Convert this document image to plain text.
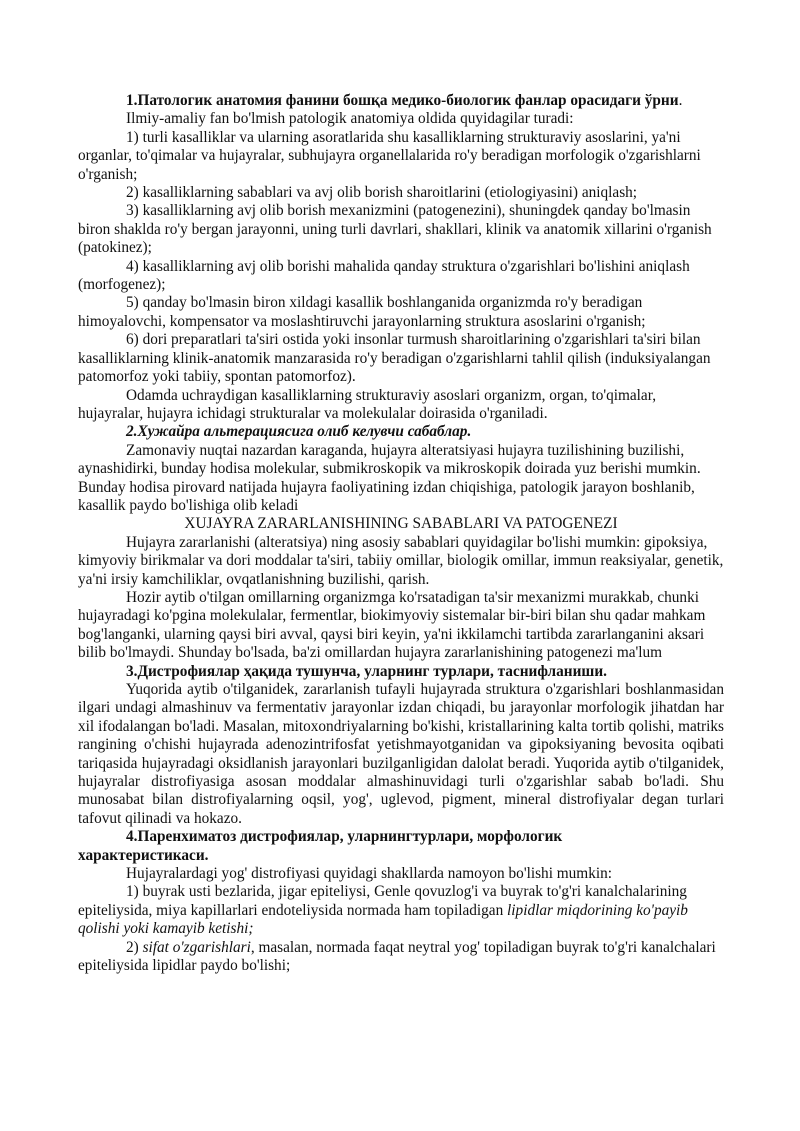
1.Патологик анатомия фанини бошқа медико-биологик фанлар орасидаги ўрни.

Ilmiy-amaliy fan bo'lmish patologik anatomiya oldida quyidagilar turadi:

1) turli kasalliklar va ularning asoratlarida shu kasalliklarning strukturaviy asoslarini, ya'ni organlar, to'qimalar va hujayralar, subhujayra organellalarida ro'y beradigan morfologik o'zgarishlarni o'rganish;

2) kasalliklarning sabablari va avj olib borish sharoitlarini (etiologiyasini) aniqlash;

3) kasalliklarning avj olib borish mexanizmini (patogenezini), shuningdek qanday bo'lmasin biron shaklda ro'y bergan jarayonni, uning turli davrlari, shakllari, klinik va anatomik xillarini o'rganish (patokinez);

4) kasalliklarning avj olib borishi mahalida qanday struktura o'zgarishlari bo'lishini aniqlash (morfogenez);

5) qanday bo'lmasin biron xildagi kasallik boshlanganida organizmda ro'y beradigan himoyalovchi, kompensator va moslashtiruvchi jarayonlarning struktura asoslarini o'rganish;

6) dori preparatlari ta'siri ostida yoki insonlar turmush sharoitlarining o'zgarishlari ta'siri bilan kasalliklarning klinik-anatomik manzarasida ro'y beradigan o'zgarishlarni tahlil qilish (induksiyalangan patomorfoz yoki tabiiy, spontan patomorfoz).

Odamda uchraydigan kasalliklarning strukturaviy asoslari organizm, organ, to'qimalar, hujayralar, hujayra ichidagi strukturalar va molekulalar doirasida o'rganiladi.

2.Хужайра альтерациясига олиб келувчи сабаблар.

Zamonaviy nuqtai nazardan karaganda, hujayra alteratsiyasi hujayra tuzilishining buzilishi, aynashidirki, bunday hodisa molekular, submikroskopik va mikroskopik doirada yuz berishi mumkin. Bunday hodisa pirovard natijada hujayra faoliyatining izdan chiqishiga, patologik jarayon boshlanib, kasallik paydo bo'lishiga olib keladi

XUJAYRA ZARARLANISHINING SABABLARI VA PATOGENEZI

Hujayra zararlanishi (alteratsiya) ning asosiy sabablari quyidagilar bo'lishi mumkin: gipoksiya, kimyoviy birikmalar va dori moddalar ta'siri, tabiiy omillar, biologik omillar, immun reaksiyalar, genetik, ya'ni irsiy kamchiliklar, ovqatlanishning buzilishi, qarish.

Hozir aytib o'tilgan omillarning organizmga ko'rsatadigan ta'sir mexanizmi murakkab, chunki hujayradagi ko'pgina molekulalar, fermentlar, biokimyoviy sistemalar bir-biri bilan shu qadar mahkam bog'langanki, ularning qaysi biri avval, qaysi biri keyin, ya'ni ikkilamchi tartibda zararlanganini aksari bilib bo'lmaydi. Shunday bo'lsada, ba'zi omillardan hujayra zararlanishining patogenezi ma'lum

3.Дистрофиялар ҳақида тушунча, уларнинг турлари, таснифланиши.

Yuqorida aytib o'tilganidek, zararlanish tufayli hujayrada struktura o'zgarishlari boshlanmasidan ilgari undagi almashinuv va fermentativ jarayonlar izdan chiqadi, bu jarayonlar morfologik jihatdan har xil ifodalangan bo'ladi. Masalan, mitoxondriyalarning bo'kishi, kristallarining kalta tortib qolishi, matriks rangining o'chishi hujayrada adenozintrifosfat yetishmayotganidan va gipoksiyaning bevosita oqibati tariqasida hujayradagi oksidlanish jarayonlari buzilganligidan dalolat beradi. Yuqorida aytib o'tilganidek, hujayralar distrofiyasiga asosan moddalar almashinuvidagi turli o'zgarishlar sabab bo'ladi. Shu munosabat bilan distrofiyalarning oqsil, yog', uglevod, pigment, mineral distrofiyalar degan turlari tafovut qilinadi va hokazo.

4.Паренхиматоз дистрофиялар, уларнингтурлари, морфологик

характеристикаси.

Hujayralardagi yog' distrofiyasi quyidagi shakllarda namoyon bo'lishi mumkin:

1) buyrak usti bezlarida, jigar epiteliysi, Genle qovuzlog'i va buyrak to'g'ri kanalchalarining epiteliysida, miya kapillarlari endoteliysida normada ham topiladigan lipidlar miqdorining ko'payib qolishi yoki kamayib ketishi;

2) sifat o'zgarishlari, masalan, normada faqat neytral yog' topiladigan buyrak to'g'ri kanalchalari epiteliysida lipidlar paydo bo'lishi;
